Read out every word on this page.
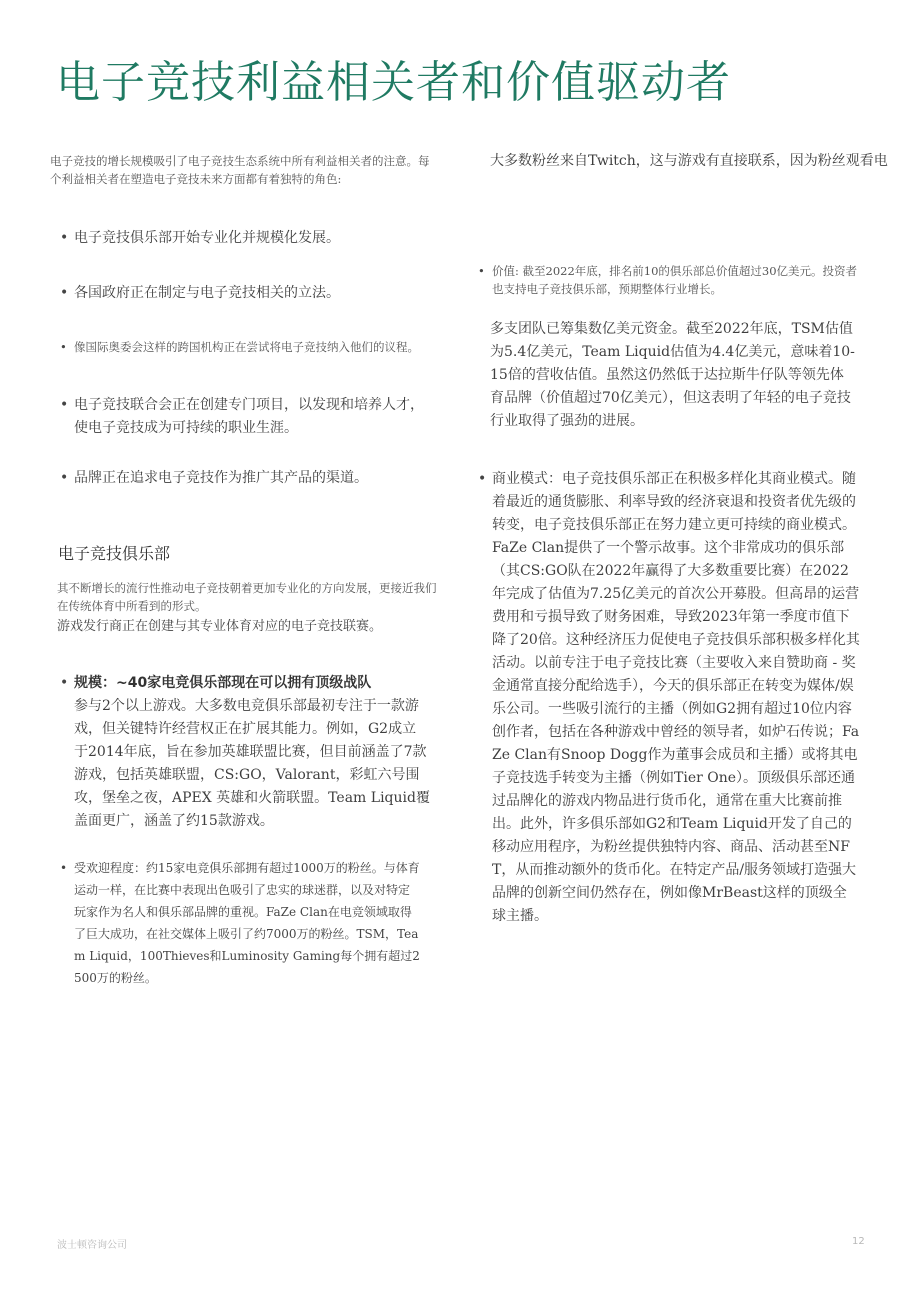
电子竞技利益相关者和价值驱动者
电子竞技的增长规模吸引了电子竞技生态系统中所有利益相关者的注意。每个利益相关者在塑造电子竞技未来方面都有着独特的角色:
• 电子竞技俱乐部开始专业化并规模化发展。
• 各国政府正在制定与电子竞技相关的立法。
• 像国际奥委会这样的跨国机构正在尝试将电子竞技纳入他们的议程。
• 电子竞技联合会正在创建专门项目，以发现和培养人才，使电子竞技成为可持续的职业生涯。
• 品牌正在追求电子竞技作为推广其产品的渠道。
电子竞技俱乐部
其不断增长的流行性推动电子竞技朝着更加专业化的方向发展，更接近我们在传统体育中所看到的形式。
游戏发行商正在创建与其专业体育对应的电子竞技联赛。
• 规模：~40家电竞俱乐部现在可以拥有顶级战队
参与2个以上游戏。大多数电竞俱乐部最初专注于一款游戏，但关键特许经营权正在扩展其能力。例如，G2成立于2014年底，旨在参加英雄联盟比赛，但目前涵盖了7款游戏，包括英雄联盟，CS:GO，Valorant，彩虹六号围攻，堡垒之夜，APEX 英雄和火箭联盟。Team Liquid覆盖面更广，涵盖了约15款游戏。
• 受欢迎程度：约15家电竞俱乐部拥有超过1000万的粉丝。与体育运动一样，在比赛中表现出色吸引了忠实的球迷群，以及对特定玩家作为名人和俱乐部品牌的重视。FaZe Clan在电竞领域取得了巨大成功，在社交媒体上吸引了约7000万的粉丝。TSM，Team Liquid，100Thieves和Luminosity Gaming每个拥有超过2500万的粉丝。
大多数粉丝来自Twitch，这与游戏有直接联系，因为粉丝观看电
• 价值: 截至2022年底，排名前10的俱乐部总价值超过30亿美元。投资者也支持电子竞技俱乐部，预期整体行业增长。
多支团队已筹集数亿美元资金。截至2022年底，TSM估值为5.4亿美元，Team Liquid估值为4.4亿美元，意味着10-15倍的营收估值。虽然这仍然低于达拉斯牛仔队等领先体育品牌（价值超过70亿美元），但这表明了年轻的电子竞技行业取得了强劲的进展。
• 商业模式：电子竞技俱乐部正在积极多样化其商业模式。随着最近的通货膨胀、利率导致的经济衰退和投资者优先级的转变，电子竞技俱乐部正在努力建立更可持续的商业模式。FaZe Clan提供了一个警示故事。这个非常成功的俱乐部（其CS:GO队在2022年赢得了大多数重要比赛）在2022年完成了估值为7.25亿美元的首次公开募股。但高昂的运营费用和亏损导致了财务困难，导致2023年第一季度市值下降了20倍。这种经济压力促使电子竞技俱乐部积极多样化其活动。以前专注于电子竞技比赛（主要收入来自赞助商 - 奖金通常直接分配给选手），今天的俱乐部正在转变为媒体/娱乐公司。一些吸引流行的主播（例如G2拥有超过10位内容创作者，包括在各种游戏中曾经的领导者，如炉石传说；FaZe Clan有Snoop Dogg作为董事会成员和主播）或将其电子竞技选手转变为主播（例如Tier One）。顶级俱乐部还通过品牌化的游戏内物品进行货币化，通常在重大比赛前推出。此外，许多俱乐部如G2和Team Liquid开发了自己的移动应用程序，为粉丝提供独特内容、商品、活动甚至NFT，从而推动额外的货币化。在特定产品/服务领域打造强大品牌的创新空间仍然存在，例如像MrBeast这样的顶级全球主播。
波士顿咨询公司	12
